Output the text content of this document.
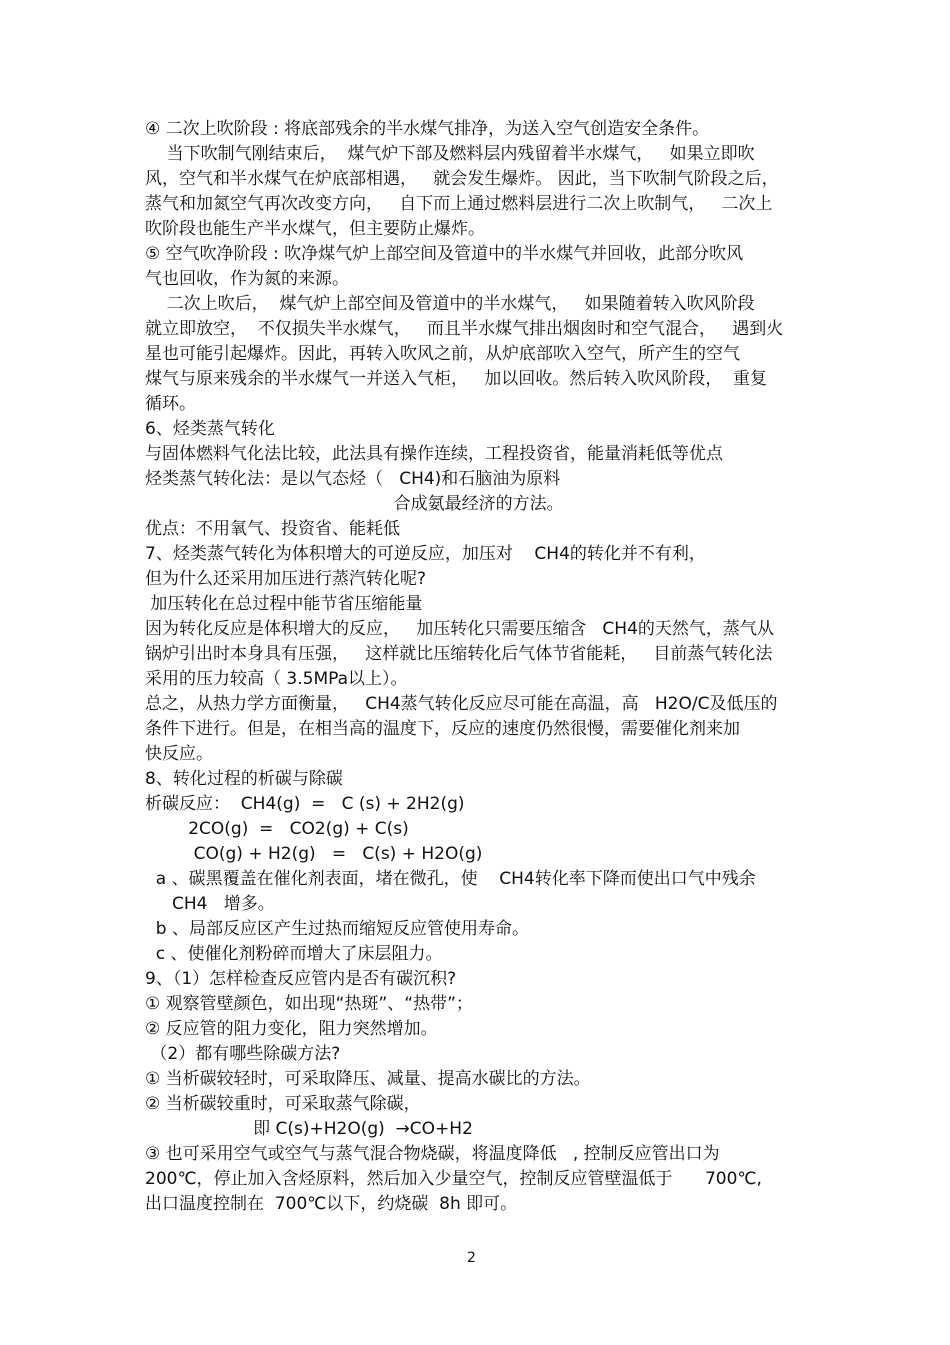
④ 二次上吹阶段 : 将底部残余的半水煤气排净，为送入空气创造安全条件。
当下吹制气刚结束后，  煤气炉下部及燃料层内残留着半水煤气，   如果立即吹
风，空气和半水煤气在炉底部相遇，   就会发生爆炸。 因此，当下吹制气阶段之后，
蒸气和加氮空气再次改变方向，   自下而上通过燃料层进行二次上吹制气，   二次上
吹阶段也能生产半水煤气，但主要防止爆炸。
⑤ 空气吹净阶段 : 吹净煤气炉上部空间及管道中的半水煤气并回收，此部分吹风
气也回收，作为氮的来源。
二次上吹后，  煤气炉上部空间及管道中的半水煤气，   如果随着转入吹风阶段
就立即放空，  不仅损失半水煤气，   而且半水煤气排出烟囱时和空气混合，   遇到火
星也可能引起爆炸。因此，再转入吹风之前，从炉底部吹入空气，所产生的空气
煤气与原来残余的半水煤气一并送入气柜，   加以回收。然后转入吹风阶段，  重复
循环。
6、烃类蒸气转化
与固体燃料气化法比较，此法具有操作连续，工程投资省，能量消耗低等优点
烃类蒸气转化法：是以气态烃（   CH4)和石脑油为原料
合成氨最经济的方法。
优点：不用氧气、投资省、能耗低
7、烃类蒸气转化为体积增大的可逆反应，加压对    CH4的转化并不有利，
但为什么还采用加压进行蒸汽转化呢?
加压转化在总过程中能节省压缩能量
因为转化反应是体积增大的反应，   加压转化只需要压缩含   CH4的天然气，蒸气从
锅炉引出时本身具有压强，   这样就比压缩转化后气体节省能耗，   目前蒸气转化法
采用的压力较高（ 3.5MPa以上）。
总之，从热力学方面衡量，   CH4蒸气转化反应尽可能在高温，高   H2O/C及低压的
条件下进行。但是，在相当高的温度下，反应的速度仍然很慢，需要催化剂来加
快反应。
8、转化过程的析碳与除碳
析碳反应：  CH4(g)  =   C (s) + 2H2(g)
2CO(g)  =   CO2(g) + C(s)
CO(g) + H2(g)   =   C(s) + H2O(g)
a 、碳黑覆盖在催化剂表面，堵在微孔，使    CH4转化率下降而使出口气中残余
CH4   增多。
b 、局部反应区产生过热而缩短反应管使用寿命。
c 、使催化剂粉碎而增大了床层阻力。
9、（1）怎样检查反应管内是否有碳沉积?
① 观察管壁颜色，如出现“热斑”、“热带”；
② 反应管的阻力变化，阻力突然增加。
（2）都有哪些除碳方法?
① 当析碳较轻时，可采取降压、减量、提高水碳比的方法。
② 当析碳较重时，可采取蒸气除碳，
即 C(s)+H2O(g)  →CO+H2
③ 也可采用空气或空气与蒸气混合物烧碳，将温度降低   , 控制反应管出口为
200℃，停止加入含烃原料，然后加入少量空气，控制反应管壁温低于      700℃,
出口温度控制在  700℃以下，约烧碳  8h 即可。
2
